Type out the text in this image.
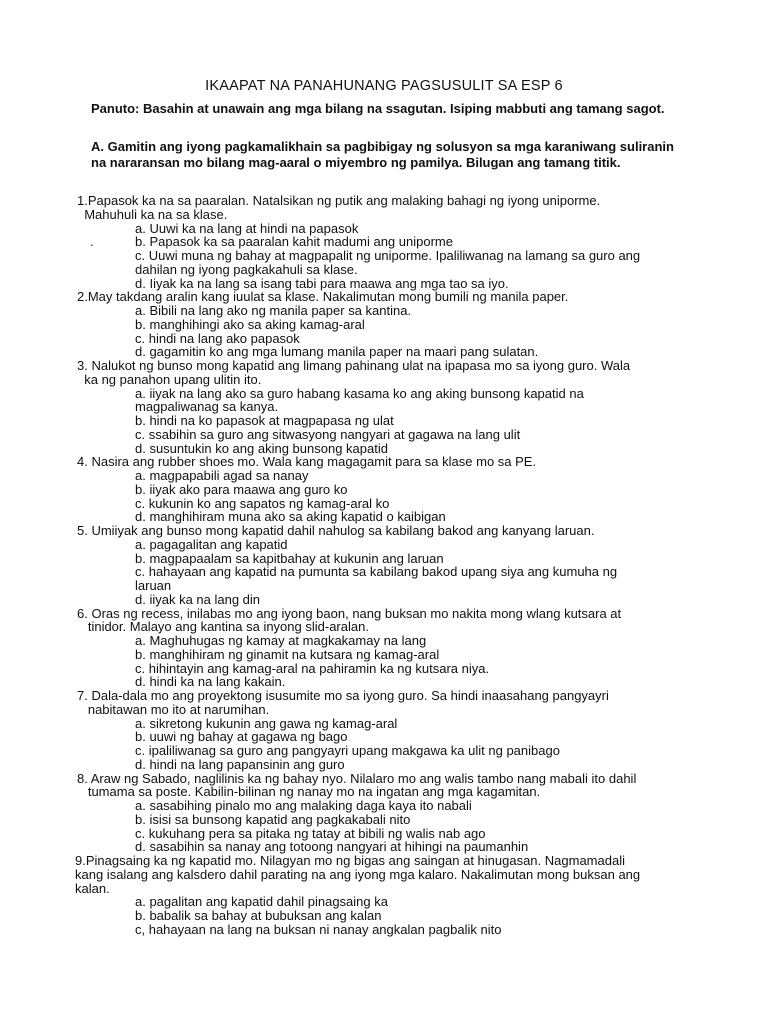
IKAAPAT NA PANAHUNANG PAGSUSULIT SA ESP 6
Panuto: Basahin at unawain ang mga bilang na ssagutan. Isiping mabbuti ang tamang sagot.
A. Gamitin ang iyong pagkamalikhain sa pagbibigay ng solusyon sa mga karaniwang suliranin na nararansan mo bilang mag-aaral o miyembro ng pamilya. Bilugan ang tamang titik.
1.Papasok ka na sa paaralan. Natalsikan ng putik ang malaking bahagi ng iyong uniporme.
Mahuhuli ka na sa klase.
a. Uuwi ka na lang at hindi na papasok
b. Papasok ka sa paaralan kahit madumi ang uniporme
.
c. Uuwi muna ng bahay at magpapalit ng uniporme. Ipaliliwanag na lamang sa guro ang
dahilan ng iyong pagkakahuli sa klase.
d. Iiyak ka na lang sa isang tabi para maawa ang mga tao sa iyo.
2.May takdang aralin kang iuulat sa klase. Nakalimutan mong bumili ng manila paper.
a. Bibili na lang ako ng manila paper sa kantina.
b. manghihingi ako sa aking kamag-aral
c. hindi na lang ako papasok
d. gagamitin ko ang mga lumang manila paper na maari pang sulatan.
3. Nalukot ng bunso mong kapatid ang limang pahinang ulat na ipapasa mo sa iyong guro. Wala
ka ng panahon upang ulitin ito.
a. iiyak na lang ako sa guro habang kasama ko ang aking bunsong kapatid na
magpaliwanag sa kanya.
b. hindi na ko papasok at magpapasa ng ulat
c. ssabihin sa guro ang sitwasyong nangyari at gagawa na lang ulit
d. susuntukin ko ang aking bunsong kapatid
4. Nasira ang rubber shoes mo. Wala kang magagamit para sa klase mo sa PE.
a. magpapabili agad sa nanay
b. iiyak ako para maawa ang guro ko
c. kukunin ko ang sapatos ng kamag-aral ko
d. manghihiram muna ako sa aking kapatid o kaibigan
5. Umiiyak ang bunso mong kapatid dahil nahulog sa kabilang bakod ang kanyang laruan.
a. pagagalitan ang kapatid
b. magpapaalam sa kapitbahay at kukunin ang laruan
c. hahayaan ang kapatid na pumunta sa kabilang bakod upang siya ang kumuha ng
laruan
d. iiyak ka na lang din
6. Oras ng recess, inilabas mo ang iyong baon, nang buksan mo nakita mong wlang kutsara at
tinidor. Malayo ang kantina sa inyong slid-aralan.
a. Maghuhugas ng kamay at magkakamay na lang
b. manghihiram ng ginamit na kutsara ng kamag-aral
c. hihintayin ang kamag-aral na pahiramin ka ng kutsara niya.
d. hindi ka na lang kakain.
7. Dala-dala mo ang proyektong isusumite mo sa iyong guro. Sa hindi inaasahang pangyayri
nabitawan mo ito at narumihan.
a. sikretong kukunin ang gawa ng kamag-aral
b. uuwi ng bahay at gagawa ng bago
c. ipaliliwanag sa guro ang pangyayri upang makgawa ka ulit ng panibago
d. hindi na lang papansinin ang guro
8. Araw ng Sabado, naglilinis ka ng bahay nyo. Nilalaro mo ang walis tambo nang mabali ito dahil
tumama sa poste. Kabilin-bilinan ng nanay mo na ingatan ang mga kagamitan.
a. sasabihing pinalo mo ang malaking daga kaya ito nabali
b. isisi sa bunsong kapatid ang pagkakabali nito
c. kukuhang pera sa pitaka ng tatay at bibili ng walis nab ago
d. sasabihin sa nanay ang totoong nangyari at hihingi na paumanhin
9.Pinagsaing ka ng kapatid mo. Nilagyan mo ng bigas ang saingan at hinugasan. Nagmamadali
kang isalang ang kalsdero dahil parating na ang iyong mga kalaro. Nakalimutan mong buksan ang
kalan.
a. pagalitan ang kapatid dahil pinagsaing ka
b. babalik sa bahay at bubuksan ang kalan
c, hahayaan na lang na buksan ni nanay angkalan pagbalik nito
